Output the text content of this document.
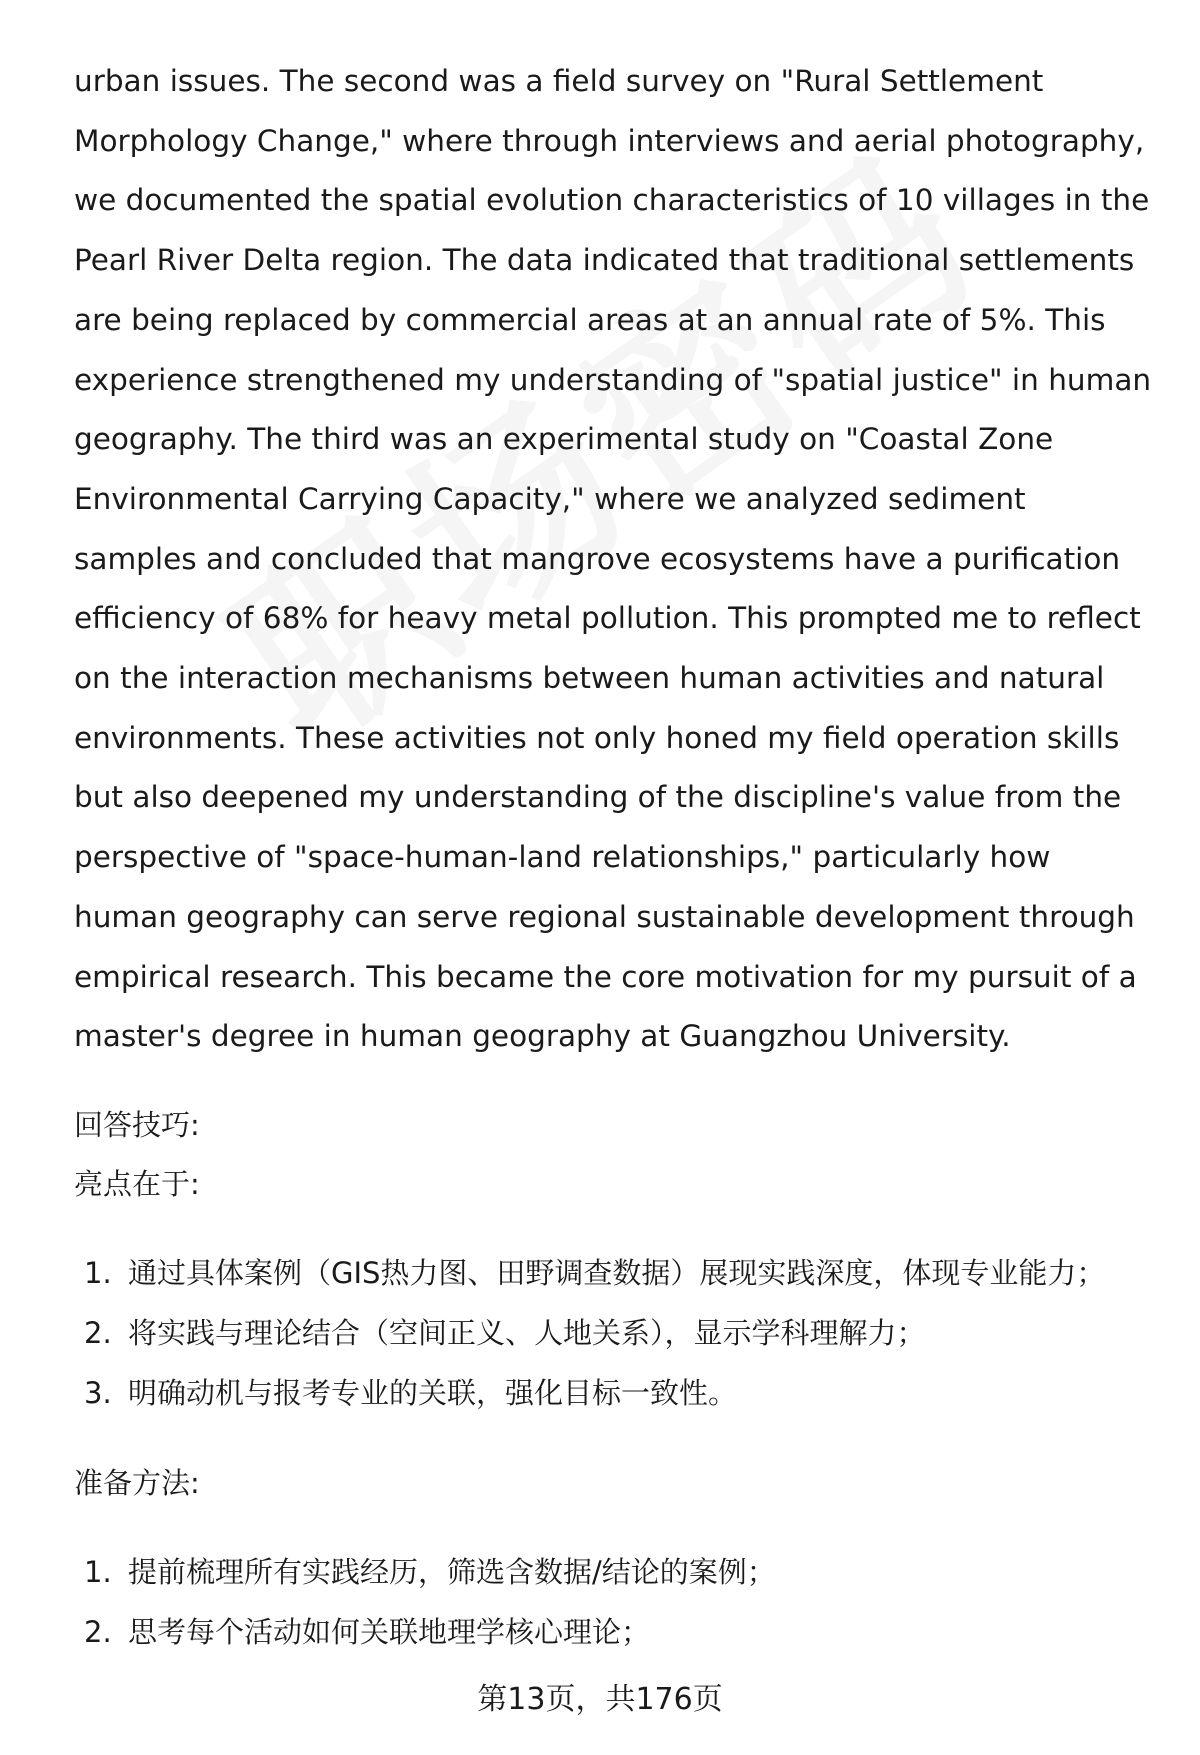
urban issues. The second was a field survey on "Rural Settlement Morphology Change," where through interviews and aerial photography, we documented the spatial evolution characteristics of 10 villages in the Pearl River Delta region. The data indicated that traditional settlements are being replaced by commercial areas at an annual rate of 5%. This experience strengthened my understanding of "spatial justice" in human geography. The third was an experimental study on "Coastal Zone Environmental Carrying Capacity," where we analyzed sediment samples and concluded that mangrove ecosystems have a purification efficiency of 68% for heavy metal pollution. This prompted me to reflect on the interaction mechanisms between human activities and natural environments. These activities not only honed my field operation skills but also deepened my understanding of the discipline's value from the perspective of "space-human-land relationships," particularly how human geography can serve regional sustainable development through empirical research. This became the core motivation for my pursuit of a master's degree in human geography at Guangzhou University.

回答技巧:

亮点在于:

1. 通过具体案例（GIS热力图、田野调查数据）展现实践深度，体现专业能力；
2. 将实践与理论结合（空间正义、人地关系），显示学科理解力；
3. 明确动机与报考专业的关联，强化目标一致性。

准备方法:

1. 提前梳理所有实践经历，筛选含数据/结论的案例；
2. 思考每个活动如何关联地理学核心理论；
第13页，共176页
